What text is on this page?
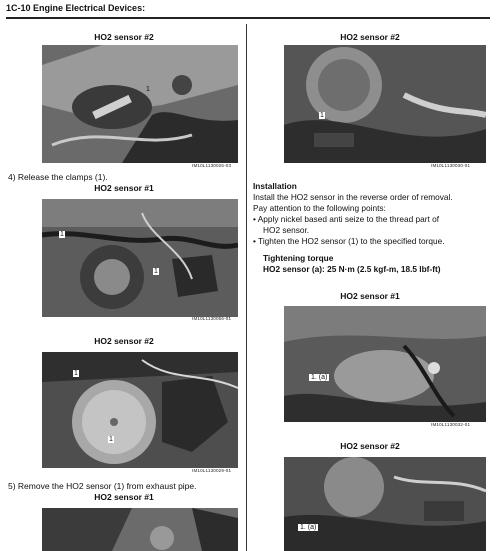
1C-10 Engine Electrical Devices:
HO2 sensor #2
1
IM10L1130026-03
4) Release the clamps (1).
HO2 sensor #1
1
1
IM10L1130056-01
HO2 sensor #2
1
1
IM10L1130029-01
5) Remove the HO2 sensor (1) from exhaust pipe.
HO2 sensor #1
HO2 sensor #2
1
IM10L1130030-01
Installation
Install the HO2 sensor in the reverse order of removal.
Pay attention to the following points:
• Apply nickel based anti seize to the thread part of
HO2 sensor.
• Tighten the HO2 sensor (1) to the specified torque.
Tightening torque
HO2 sensor (a): 25 N·m (2.5 kgf-m, 18.5 lbf-ft)
HO2 sensor #1
1. (a)
IM10L1130032-01
HO2 sensor #2
1. (a)
